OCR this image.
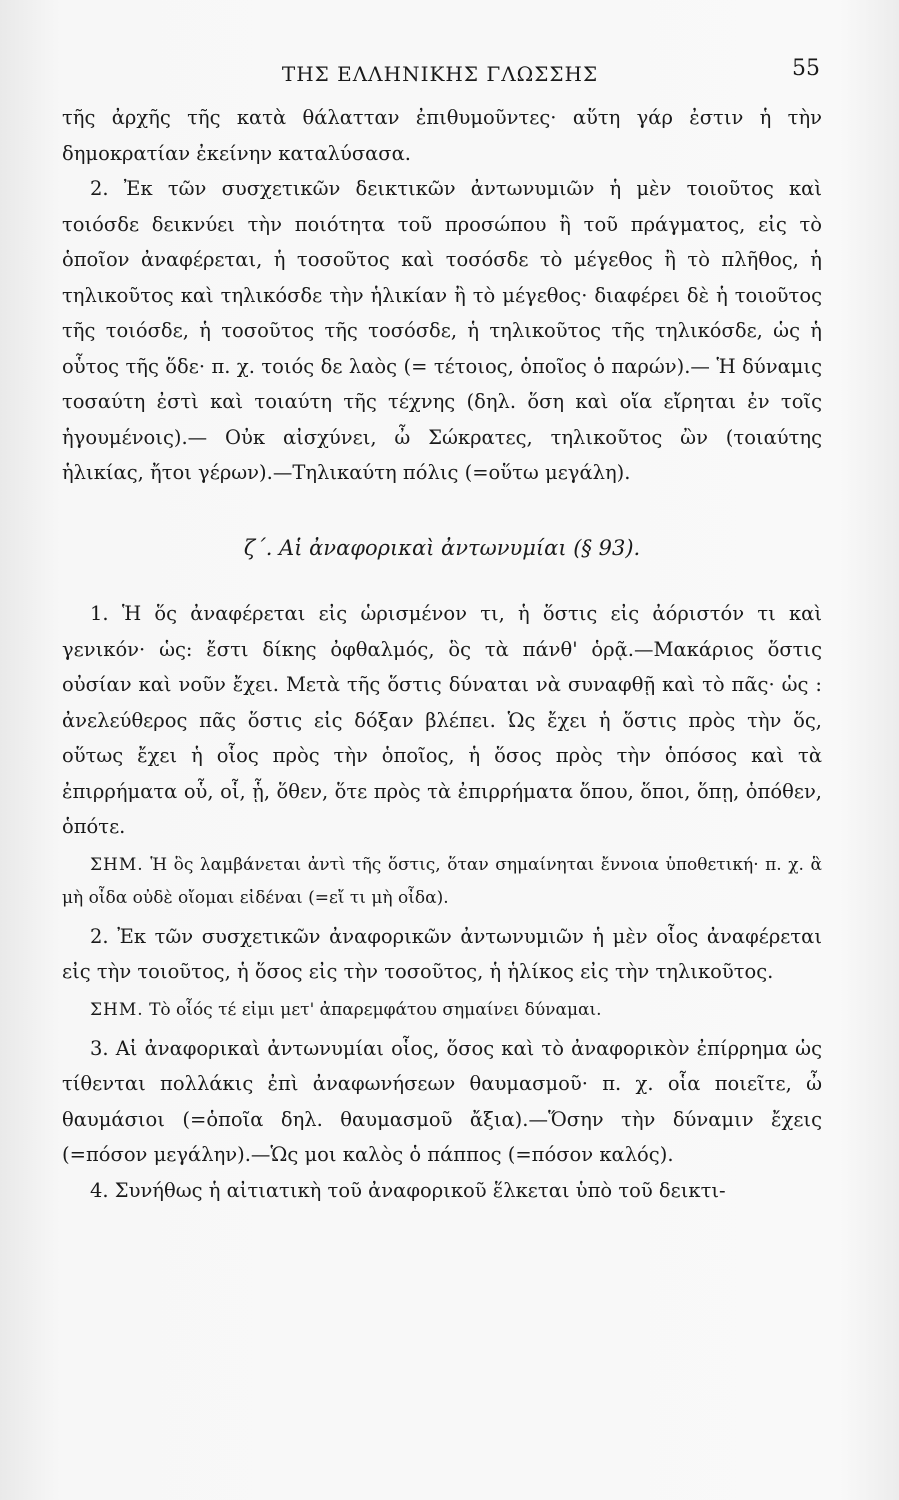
ΤΗΣ ΕΛΛΗΝΙΚΗΣ ΓΛΩΣΣΗΣ	55

τῆς ἀρχῆς τῆς κατὰ θάλατταν ἐπιθυμοῦντες· αὕτη γάρ ἐστιν ἡ τὴν δημοκρατίαν ἐκείνην καταλύσασα.

2. Ἐκ τῶν συσχετικῶν δεικτικῶν ἀντωνυμιῶν ἡ μὲν τοιοῦτος καὶ τοιόσδε δεικνύει τὴν ποιότητα τοῦ προσώπου ἢ τοῦ πράγματος, εἰς τὸ ὁποῖον ἀναφέρεται, ἡ τοσοῦτος καὶ τοσόσδε τὸ μέγεθος ἢ τὸ πλῆθος, ἡ τηλικοῦτος καὶ τηλικόσδε τὴν ἡλικίαν ἢ τὸ μέγεθος· διαφέρει δὲ ἡ τοιοῦτος τῆς τοιόσδε, ἡ τοσοῦτος τῆς τοσόσδε, ἡ τηλικοῦτος τῆς τηλικόσδε, ὡς ἡ οὗτος τῆς ὅδε· π. χ. τοιός δε λαὸς (= τέτοιος, ὁποῖος ὁ παρών).— Ἡ δύναμις τοσαύτη ἐστὶ καὶ τοιαύτη τῆς τέχνης (δηλ. ὅση καὶ οἵα εἴρηται ἐν τοῖς ἡγουμένοις).— Οὐκ αἰσχύνει, ὦ Σώκρατες, τηλικοῦτος ὢν (τοιαύτης ἡλικίας, ἤτοι γέρων).—Τηλικαύτη πόλις (=οὕτω μεγάλη).

ζ΄. Αἱ ἀναφορικαὶ ἀντωνυμίαι (§ 93).

1. Ἡ ὅς ἀναφέρεται εἰς ὡρισμένον τι, ἡ ὅστις εἰς ἀόριστόν τι καὶ γενικόν· ὡς: ἔστι δίκης ὀφθαλμός, ὃς τὰ πάνθ' ὁρᾷ.—Μακάριος ὅστις οὐσίαν καὶ νοῦν ἔχει. Μετὰ τῆς ὅστις δύναται νὰ συναφθῇ καὶ τὸ πᾶς· ὡς : ἀνελεύθερος πᾶς ὅστις εἰς δόξαν βλέπει. Ὡς ἔχει ἡ ὅστις πρὸς τὴν ὅς, οὕτως ἔχει ἡ οἷος πρὸς τὴν ὁποῖος, ἡ ὅσος πρὸς τὴν ὁπόσος καὶ τὰ ἐπιρρήματα οὗ, οἷ, ᾗ, ὅθεν, ὅτε πρὸς τὰ ἐπιρρήματα ὅπου, ὅποι, ὅπῃ, ὁπόθεν, ὁπότε.

ΣΗΜ. Ἡ ὃς λαμβάνεται ἀντὶ τῆς ὅστις, ὅταν σημαίνηται ἔννοια ὑποθετική· π. χ. ἃ μὴ οἶδα οὐδὲ οἴομαι εἰδέναι (=εἴ τι μὴ οἶδα).

2. Ἐκ τῶν συσχετικῶν ἀναφορικῶν ἀντωνυμιῶν ἡ μὲν οἷος ἀναφέρεται εἰς τὴν τοιοῦτος, ἡ ὅσος εἰς τὴν τοσοῦτος, ἡ ἡλίκος εἰς τὴν τηλικοῦτος.

ΣΗΜ. Τὸ οἷός τέ εἰμι μετ' ἀπαρεμφάτου σημαίνει δύναμαι.

3. Αἱ ἀναφορικαὶ ἀντωνυμίαι οἷος, ὅσος καὶ τὸ ἀναφορικὸν ἐπίρρημα ὡς τίθενται πολλάκις ἐπὶ ἀναφωνήσεων θαυμασμοῦ· π. χ. οἷα ποιεῖτε, ὦ θαυμάσιοι (=ὁποῖα δηλ. θαυμασμοῦ ἄξια).—Ὅσην τὴν δύναμιν ἔχεις (=πόσον μεγάλην).—Ὡς μοι καλὸς ὁ πάππος (=πόσον καλός).

4. Συνήθως ἡ αἰτιατικὴ τοῦ ἀναφορικοῦ ἕλκεται ὑπὸ τοῦ δεικτι-
